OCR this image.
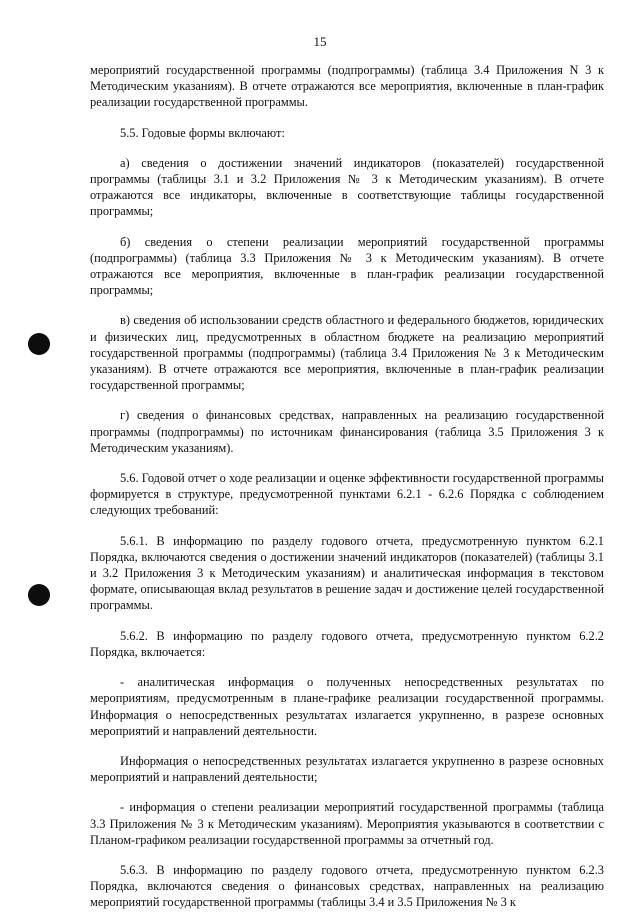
15

мероприятий государственной программы (подпрограммы) (таблица 3.4 Приложения N 3 к Методическим указаниям). В отчете отражаются все мероприятия, включенные в план-график реализации государственной программы.

5.5. Годовые формы включают:

а) сведения о достижении значений индикаторов (показателей) государственной программы (таблицы 3.1 и 3.2 Приложения № 3 к Методическим указаниям). В отчете отражаются все индикаторы, включенные в соответствующие таблицы государственной программы;

б) сведения о степени реализации мероприятий государственной программы (подпрограммы) (таблица 3.3 Приложения № 3 к Методическим указаниям). В отчете отражаются все мероприятия, включенные в план-график реализации государственной программы;

в) сведения об использовании средств областного и федерального бюджетов, юридических и физических лиц, предусмотренных в областном бюджете на реализацию мероприятий государственной программы (подпрограммы) (таблица 3.4 Приложения № 3 к Методическим указаниям). В отчете отражаются все мероприятия, включенные в план-график реализации государственной программы;

г) сведения о финансовых средствах, направленных на реализацию государственной программы (подпрограммы) по источникам финансирования (таблица 3.5 Приложения 3 к Методическим указаниям).

5.6. Годовой отчет о ходе реализации и оценке эффективности государственной программы формируется в структуре, предусмотренной пунктами 6.2.1 - 6.2.6 Порядка с соблюдением следующих требований:

5.6.1. В информацию по разделу годового отчета, предусмотренную пунктом 6.2.1 Порядка, включаются сведения о достижении значений индикаторов (показателей) (таблицы 3.1 и 3.2 Приложения 3 к Методическим указаниям) и аналитическая информация в текстовом формате, описывающая вклад результатов в решение задач и достижение целей государственной программы.

5.6.2. В информацию по разделу годового отчета, предусмотренную пунктом 6.2.2 Порядка, включается:

- аналитическая информация о полученных непосредственных результатах по мероприятиям, предусмотренным в плане-графике реализации государственной программы. Информация о непосредственных результатах излагается укрупненно, в разрезе основных мероприятий и направлений деятельности.

Информация о непосредственных результатах излагается укрупненно в разрезе основных мероприятий и направлений деятельности;

- информация о степени реализации мероприятий государственной программы (таблица 3.3 Приложения № 3 к Методическим указаниям). Мероприятия указываются в соответствии с Планом-графиком реализации государственной программы за отчетный год.

5.6.3. В информацию по разделу годового отчета, предусмотренную пунктом 6.2.3 Порядка, включаются сведения о финансовых средствах, направленных на реализацию мероприятий государственной программы (таблицы 3.4 и 3.5 Приложения № 3 к
